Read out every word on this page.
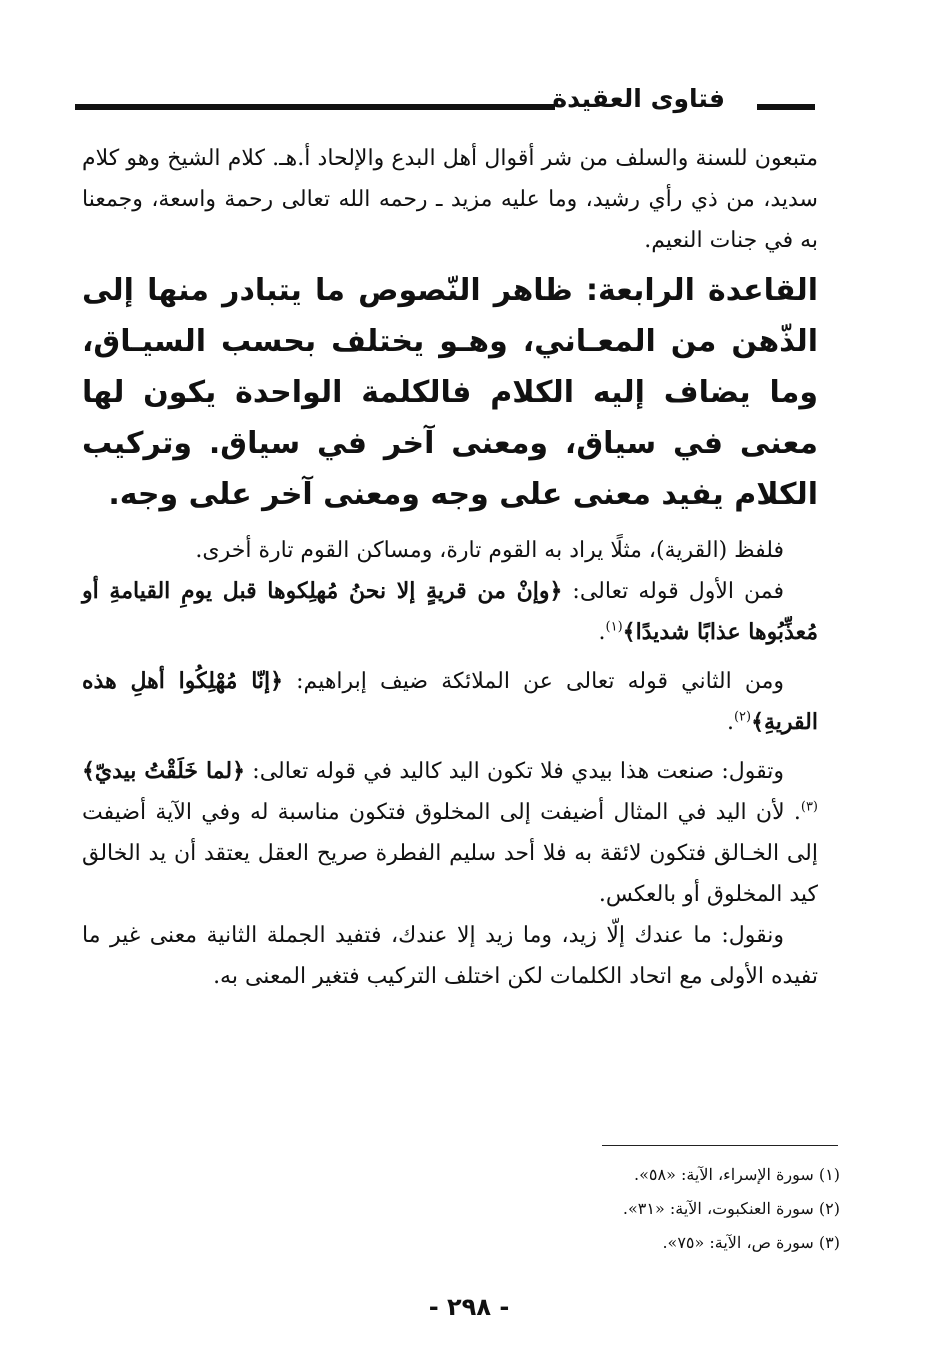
فتاوى العقيدة

متبعون للسنة والسلف من شر أقوال أهل البدع والإلحاد أ.هـ. كلام الشيخ وهو كلام سديد، من ذي رأي رشيد، وما عليه مزيد ـ رحمه الله تعالى رحمة واسعة، وجمعنا به في جنات النعيم.

القاعدة الرابعة: ظاهر النّصوص ما يتبادر منها إلى الذّهن من المعـاني، وهـو يختلف بحسب السيـاق، وما يضاف إليه الكلام فالكلمة الواحدة يكون لها معنى في سياق، ومعنى آخر في سياق. وتركيب الكلام يفيد معنى على وجه ومعنى آخر على وجه.

فلفظ (القرية)، مثلًا يراد به القوم تارة، ومساكن القوم تارة أخرى.

فمن الأول قوله تعالى: ﴿وإنْ من قريةٍ إلا نحنُ مُهلِكوها قبل يومِ القيامةِ أو مُعذِّبُوها عذابًا شديدًا﴾$^{(١)}$.

ومن الثاني قوله تعالى عن الملائكة ضيف إبراهيم: ﴿إنّا مُهْلِكُوا أهلِ هذه القريةِ﴾$^{(٢)}$.

وتقول: صنعت هذا بيدي فلا تكون اليد كاليد في قوله تعالى: ﴿لما خَلَقْتُ بيديّ﴾$^{(٣)}$. لأن اليد في المثال أضيفت إلى المخلوق فتكون مناسبة له وفي الآية أضيفت إلى الخـالق فتكون لائقة به فلا أحد سليم الفطرة صريح العقل يعتقد أن يد الخالق كيد المخلوق أو بالعكس.

ونقول: ما عندك إلّا زيد، وما زيد إلا عندك، فتفيد الجملة الثانية معنى غير ما تفيده الأولى مع اتحاد الكلمات لكن اختلف التركيب فتغير المعنى به.

(١) سورة الإسراء، الآية: «٥٨».
(٢) سورة العنكبوت، الآية: «٣١».
(٣) سورة ص، الآية: «٧٥».
- ٢٩٨ -
